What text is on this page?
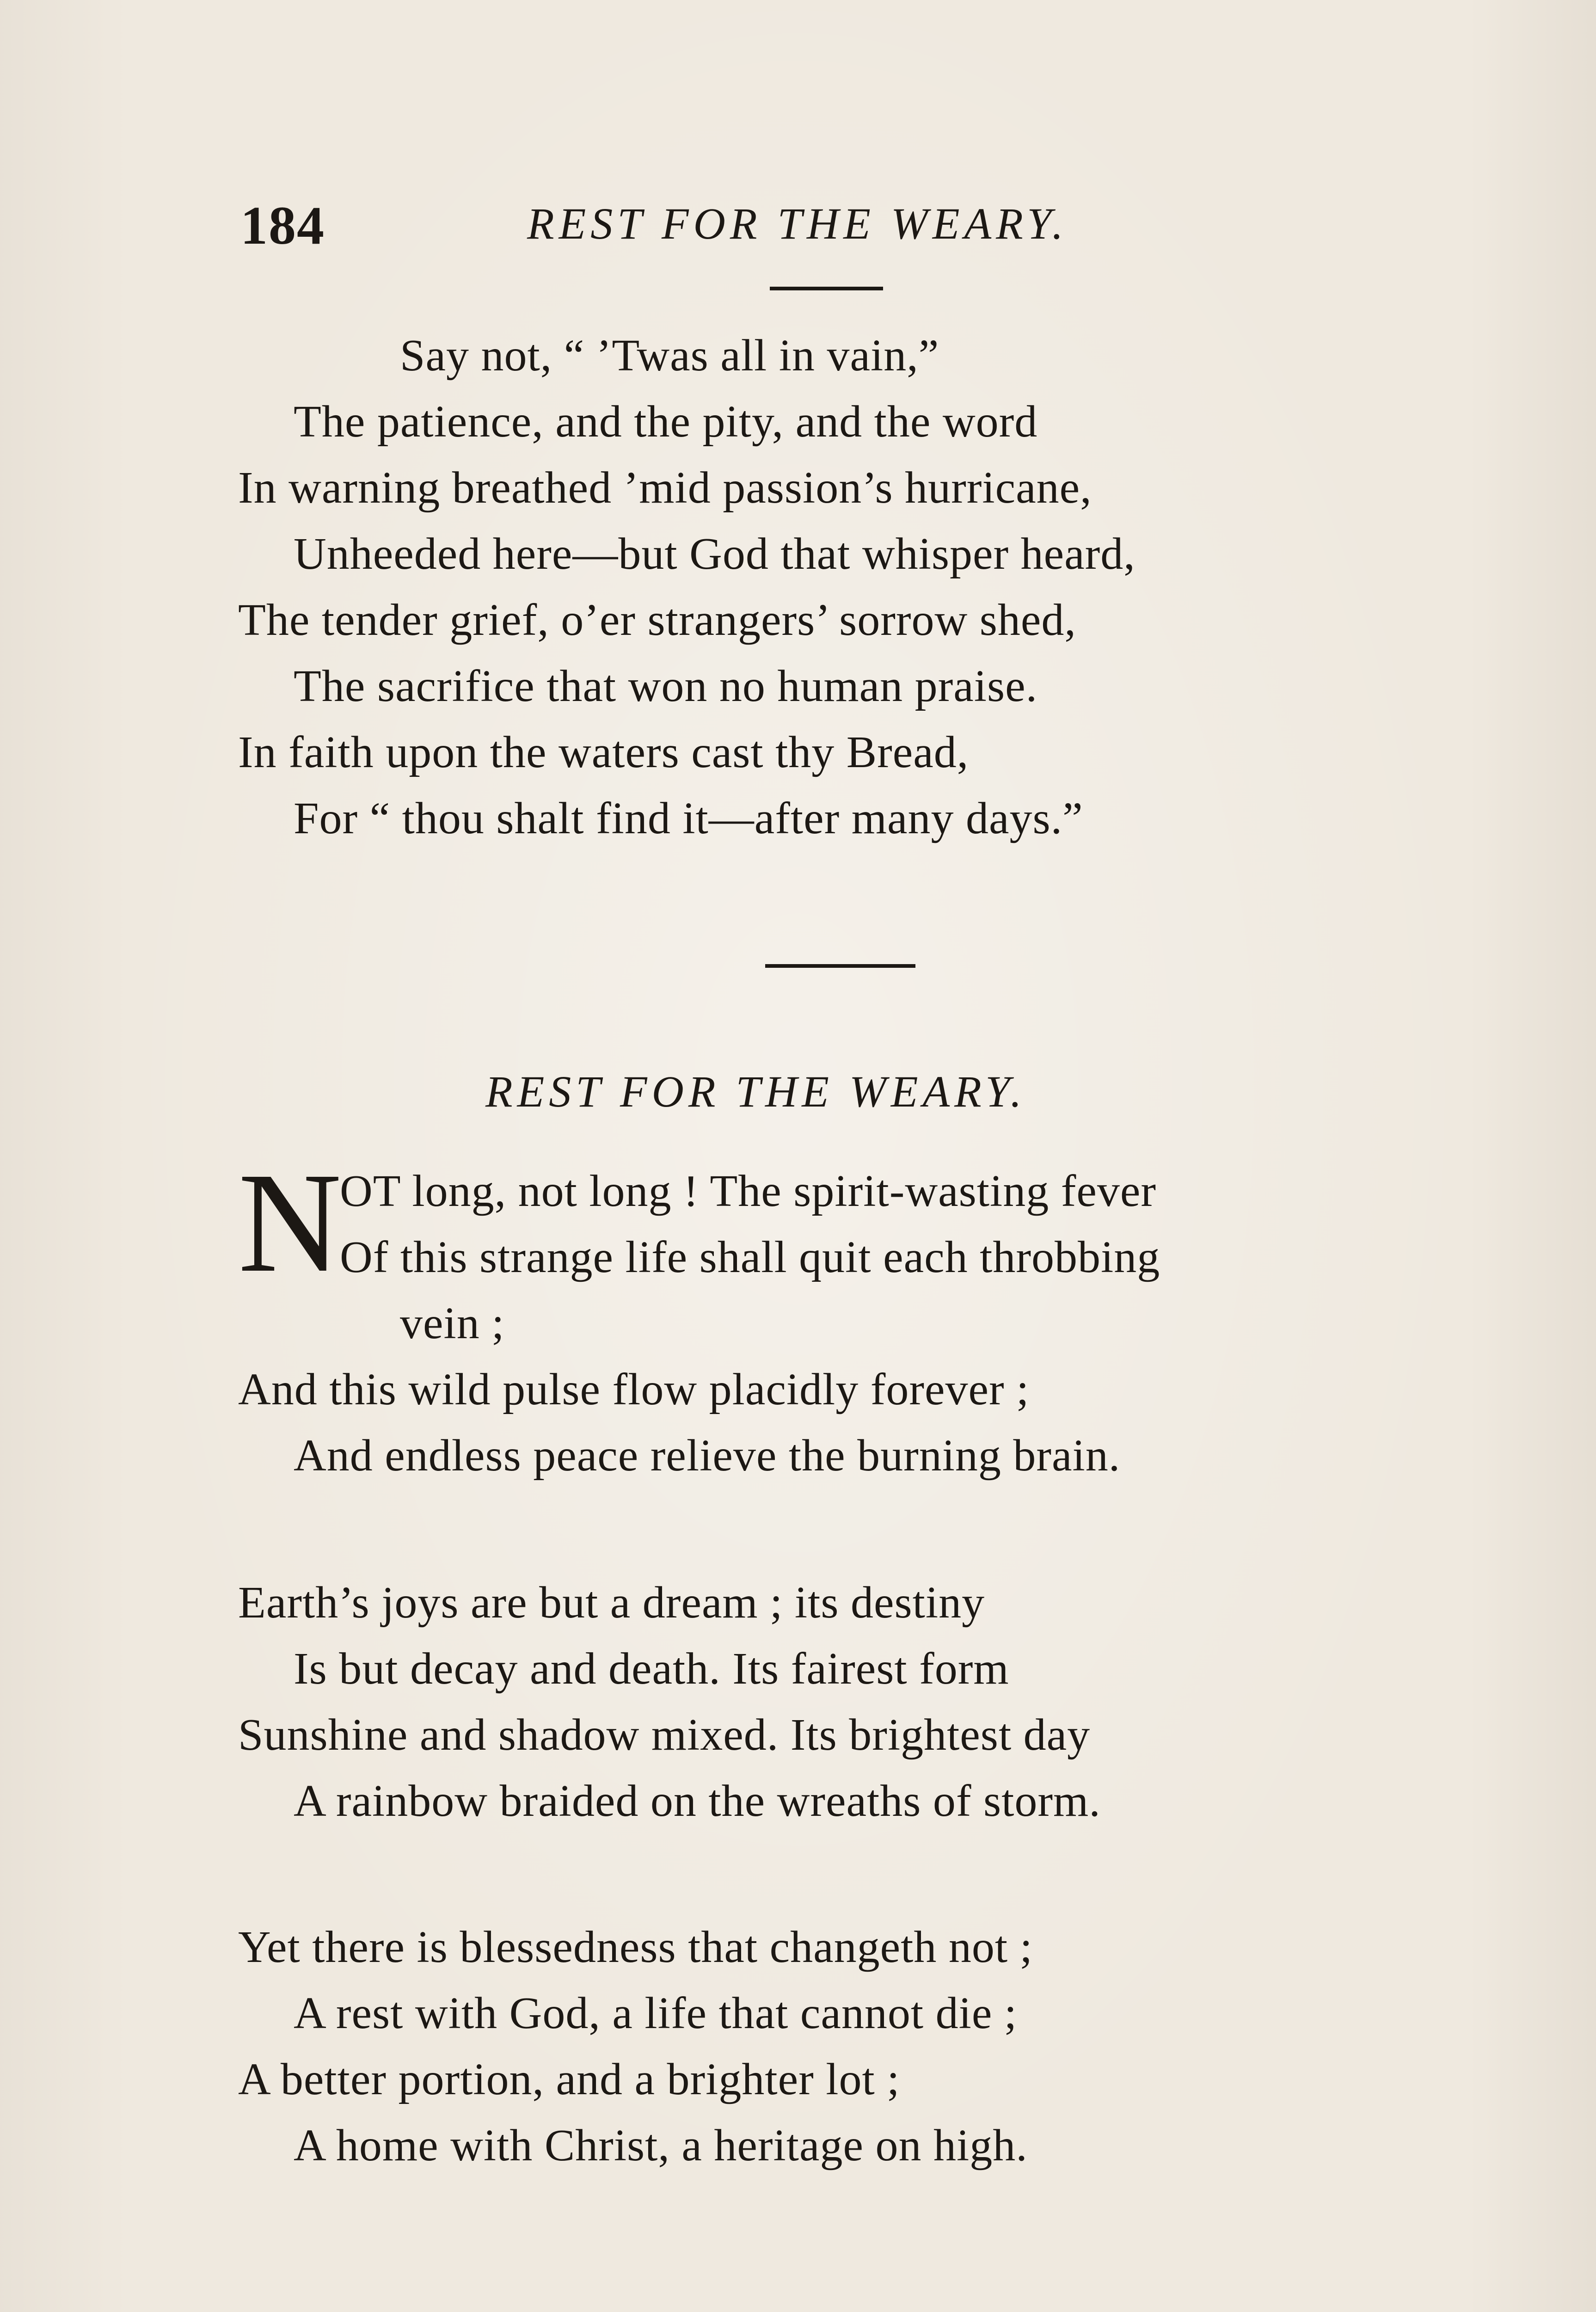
184	REST FOR THE WEARY.
Say not, “ ’Twas all in vain,”
The patience, and the pity, and the word
In warning breathed ’mid passion’s hurricane,
Unheeded here—but God that whisper heard,
The tender grief, o’er strangers’ sorrow shed,
The sacrifice that won no human praise.
In faith upon the waters cast thy Bread,
For “ thou shalt find it—after many days.”
REST FOR THE WEARY.
N
OT long, not long ! The spirit-wasting fever
Of this strange life shall quit each throbbing
vein ;
And this wild pulse flow placidly forever ;
And endless peace relieve the burning brain.
Earth’s joys are but a dream ; its destiny
Is but decay and death. Its fairest form
Sunshine and shadow mixed. Its brightest day
A rainbow braided on the wreaths of storm.
Yet there is blessedness that changeth not ;
A rest with God, a life that cannot die ;
A better portion, and a brighter lot ;
A home with Christ, a heritage on high.
